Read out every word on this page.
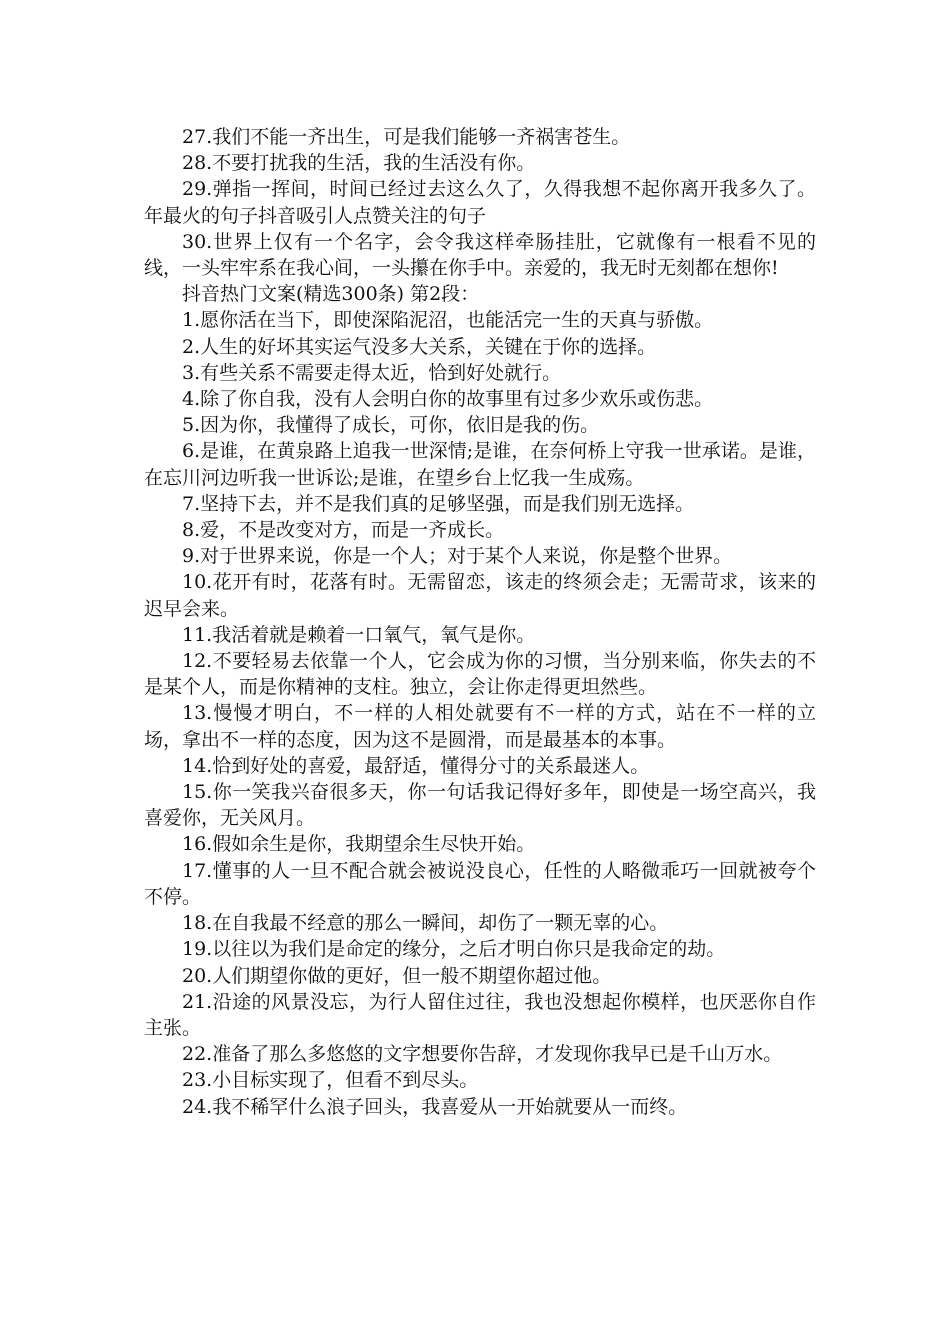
27.我们不能一齐出生，可是我们能够一齐祸害苍生。

28.不要打扰我的生活，我的生活没有你。

29.弹指一挥间，时间已经过去这么久了，久得我想不起你离开我多久了。年最火的句子抖音吸引人点赞关注的句子

30.世界上仅有一个名字，会令我这样牵肠挂肚，它就像有一根看不见的线，一头牢牢系在我心间，一头攥在你手中。亲爱的，我无时无刻都在想你!

抖音热门文案(精选300条) 第2段：

1.愿你活在当下，即使深陷泥沼，也能活完一生的天真与骄傲。

2.人生的好坏其实运气没多大关系，关键在于你的选择。

3.有些关系不需要走得太近，恰到好处就行。

4.除了你自我，没有人会明白你的故事里有过多少欢乐或伤悲。

5.因为你，我懂得了成长，可你，依旧是我的伤。

6.是谁，在黄泉路上追我一世深情;是谁，在奈何桥上守我一世承诺。是谁，在忘川河边听我一世诉讼;是谁，在望乡台上忆我一生成殇。

7.坚持下去，并不是我们真的足够坚强，而是我们别无选择。

8.爱，不是改变对方，而是一齐成长。

9.对于世界来说，你是一个人；对于某个人来说，你是整个世界。

10.花开有时，花落有时。无需留恋，该走的终须会走；无需苛求，该来的迟早会来。

11.我活着就是赖着一口氧气，氧气是你。

12.不要轻易去依靠一个人，它会成为你的习惯，当分别来临，你失去的不是某个人，而是你精神的支柱。独立，会让你走得更坦然些。

13.慢慢才明白，不一样的人相处就要有不一样的方式，站在不一样的立场，拿出不一样的态度，因为这不是圆滑，而是最基本的本事。

14.恰到好处的喜爱，最舒适，懂得分寸的关系最迷人。

15.你一笑我兴奋很多天，你一句话我记得好多年，即使是一场空高兴，我喜爱你，无关风月。

16.假如余生是你，我期望余生尽快开始。

17.懂事的人一旦不配合就会被说没良心，任性的人略微乖巧一回就被夸个不停。

18.在自我最不经意的那么一瞬间，却伤了一颗无辜的心。

19.以往以为我们是命定的缘分，之后才明白你只是我命定的劫。

20.人们期望你做的更好，但一般不期望你超过他。

21.沿途的风景没忘，为行人留住过往，我也没想起你模样，也厌恶你自作主张。

22.准备了那么多悠悠的文字想要你告辞，才发现你我早已是千山万水。

23.小目标实现了，但看不到尽头。

24.我不稀罕什么浪子回头，我喜爱从一开始就要从一而终。
